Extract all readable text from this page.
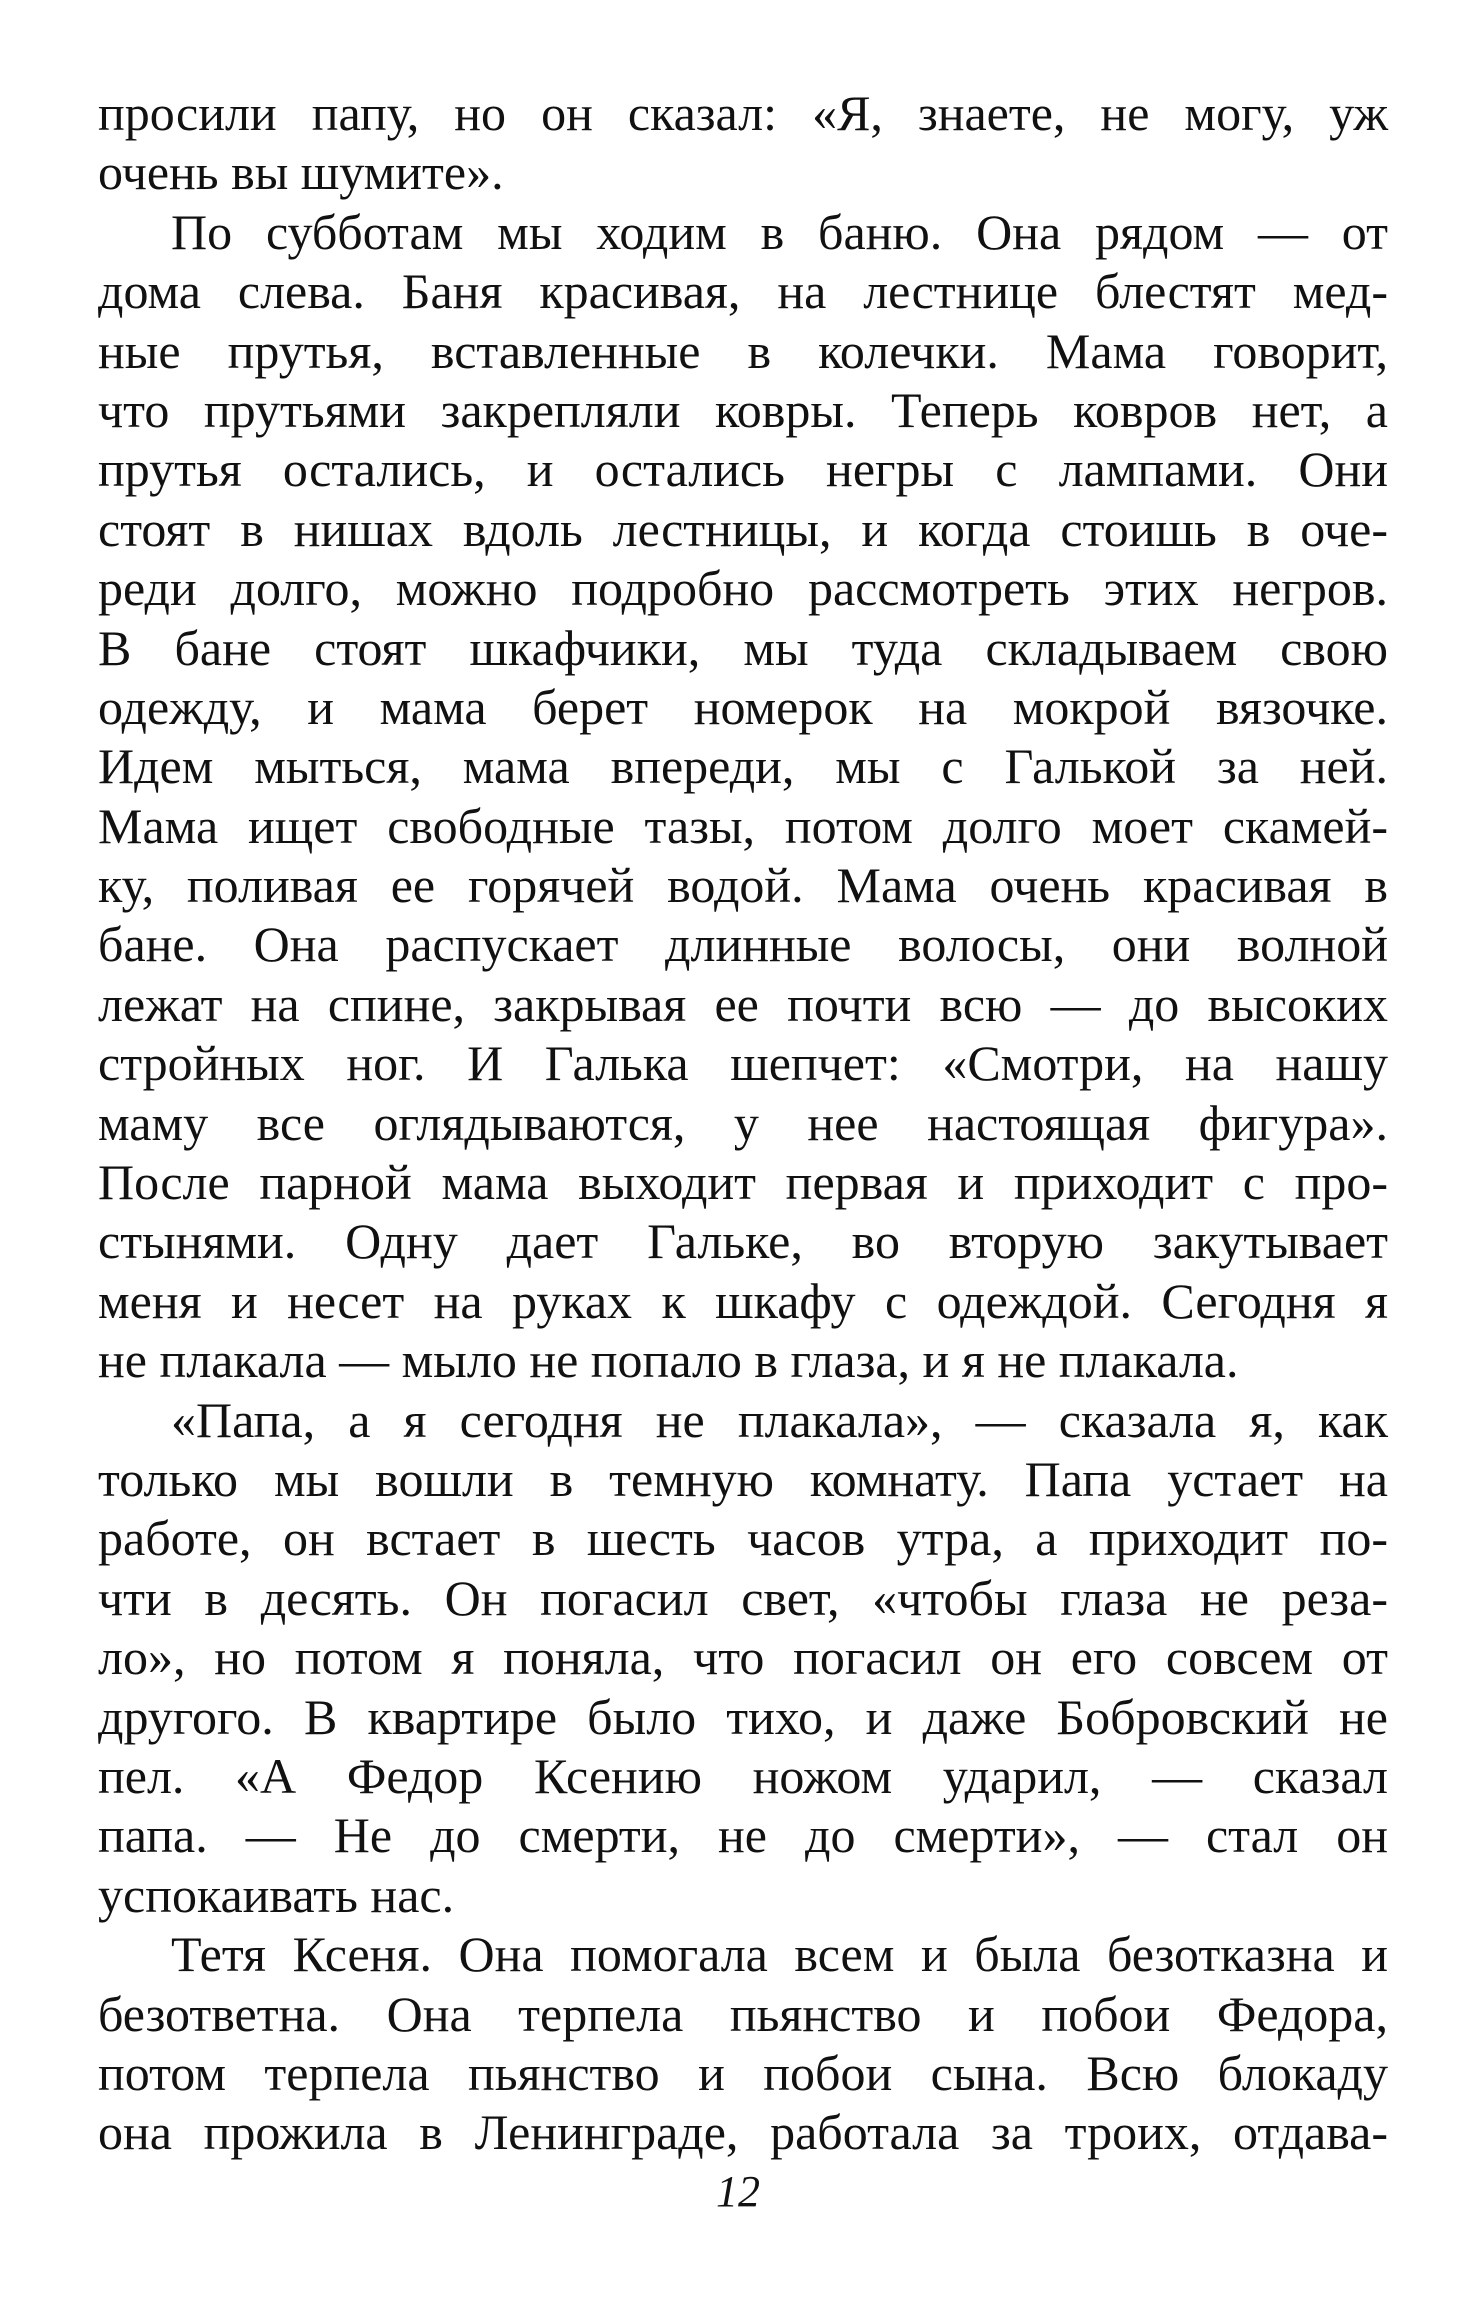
просили папу, но он сказал: «Я, знаете, не могу, уж
очень вы шумите».
По субботам мы ходим в баню. Она рядом — от
дома слева. Баня красивая, на лестнице блестят мед-
ные прутья, вставленные в колечки. Мама говорит,
что прутьями закрепляли ковры. Теперь ковров нет, а
прутья остались, и остались негры с лампами. Они
стоят в нишах вдоль лестницы, и когда стоишь в оче-
реди долго, можно подробно рассмотреть этих негров.
В бане стоят шкафчики, мы туда складываем свою
одежду, и мама берет номерок на мокрой вязочке.
Идем мыться, мама впереди, мы с Галькой за ней.
Мама ищет свободные тазы, потом долго моет скамей-
ку, поливая ее горячей водой. Мама очень красивая в
бане. Она распускает длинные волосы, они волной
лежат на спине, закрывая ее почти всю — до высоких
стройных ног. И Галька шепчет: «Смотри, на нашу
маму все оглядываются, у нее настоящая фигура».
После парной мама выходит первая и приходит с про-
стынями. Одну дает Гальке, во вторую закутывает
меня и несет на руках к шкафу с одеждой. Сегодня я
не плакала — мыло не попало в глаза, и я не плакала.
«Папа, а я сегодня не плакала», — сказала я, как
только мы вошли в темную комнату. Папа устает на
работе, он встает в шесть часов утра, а приходит по-
чти в десять. Он погасил свет, «чтобы глаза не реза-
ло», но потом я поняла, что погасил он его совсем от
другого. В квартире было тихо, и даже Бобровский не
пел. «А Федор Ксению ножом ударил, — сказал
папа. — Не до смерти, не до смерти», — стал он
успокаивать нас.
Тетя Ксеня. Она помогала всем и была безотказна и
безответна. Она терпела пьянство и побои Федора,
потом терпела пьянство и побои сына. Всю блокаду
она прожила в Ленинграде, работала за троих, отдава-
12
